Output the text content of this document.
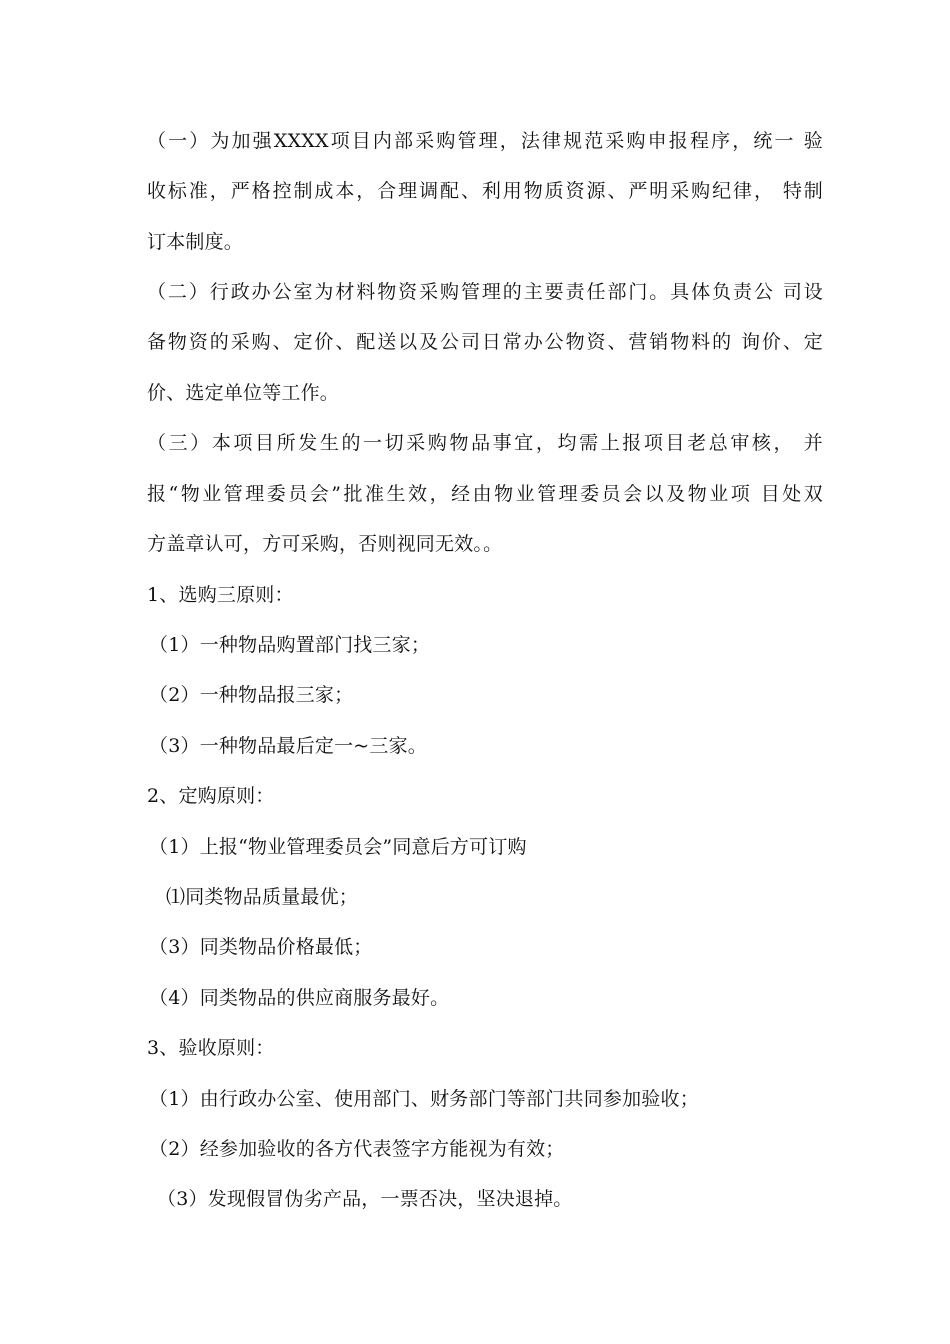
（一）为加强XXXX项目内部采购管理，法律规范采购申报程序，统一 验
收标准，严格控制成本，合理调配、利用物质资源、严明采购纪律， 特制
订本制度。
（二）行政办公室为材料物资采购管理的主要责任部门。具体负责公 司设
备物资的采购、定价、配送以及公司日常办公物资、营销物料的 询价、定
价、选定单位等工作。
（三）本项目所发生的一切采购物品事宜，均需上报项目老总审核， 并
报“物业管理委员会”批准生效，经由物业管理委员会以及物业项 目处双
方盖章认可，方可采购，否则视同无效。。
1、选购三原则：
（1）一种物品购置部门找三家；
（2）一种物品报三家；
（3）一种物品最后定一~三家。
2、定购原则：
（1）上报“物业管理委员会”同意后方可订购
⑴同类物品质量最优；
（3）同类物品价格最低；
（4）同类物品的供应商服务最好。
3、验收原则：
（1）由行政办公室、使用部门、财务部门等部门共同参加验收；
（2）经参加验收的各方代表签字方能视为有效；
（3）发现假冒伪劣产品，一票否决，坚决退掉。
